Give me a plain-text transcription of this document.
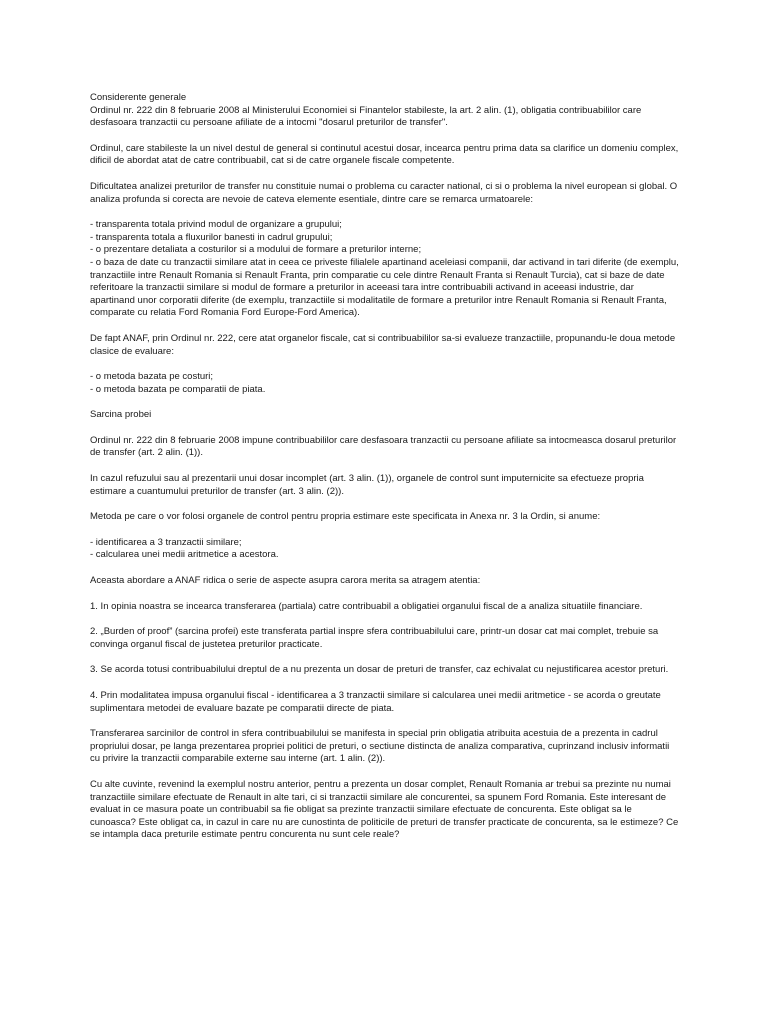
Considerente generale
Ordinul nr. 222 din 8 februarie 2008 al Ministerului Economiei si Finantelor stabileste, la art. 2 alin. (1), obligatia contribuabililor care desfasoara tranzactii cu persoane afiliate de a intocmi "dosarul preturilor de transfer".
Ordinul, care stabileste la un nivel destul de general si continutul acestui dosar, incearca pentru prima data sa clarifice un domeniu complex, dificil de abordat atat de catre contribuabil, cat si de catre organele fiscale competente.
Dificultatea analizei preturilor de transfer nu constituie numai o problema cu caracter national, ci si o problema la nivel european si global. O analiza profunda si corecta are nevoie de cateva elemente esentiale, dintre care se remarca urmatoarele:
- transparenta totala privind modul de organizare a grupului;
- transparenta totala a fluxurilor banesti in cadrul grupului;
- o prezentare detaliata a costurilor si a modului de formare a preturilor interne;
- o baza de date cu tranzactii similare atat in ceea ce priveste filialele apartinand aceleiasi companii, dar activand in tari diferite (de exemplu, tranzactiile intre Renault Romania si Renault Franta, prin comparatie cu cele dintre Renault Franta si Renault Turcia), cat si baze de date referitoare la tranzactii similare si modul de formare a preturilor in aceeasi tara intre contribuabili activand in aceeasi industrie, dar apartinand unor corporatii diferite (de exemplu, tranzactiile si modalitatile de formare a preturilor intre Renault Romania si Renault Franta, comparate cu relatia Ford Romania Ford Europe-Ford America).
De fapt ANAF, prin Ordinul nr. 222, cere atat organelor fiscale, cat si contribuabililor sa-si evalueze tranzactiile, propunandu-le doua metode clasice de evaluare:
- o metoda bazata pe costuri;
- o metoda bazata pe comparatii de piata.
Sarcina probei
Ordinul nr. 222 din 8 februarie 2008 impune contribuabililor care desfasoara tranzactii cu persoane afiliate sa intocmeasca dosarul preturilor de transfer (art. 2 alin. (1)).
In cazul refuzului sau al prezentarii unui dosar incomplet (art. 3 alin. (1)), organele de control sunt imputernicite sa efectueze propria estimare a cuantumului preturilor de transfer (art. 3 alin. (2)).
Metoda pe care o vor folosi organele de control pentru propria estimare este specificata in Anexa nr. 3 la Ordin, si anume:
- identificarea a 3 tranzactii similare;
- calcularea unei medii aritmetice a acestora.
Aceasta abordare a ANAF ridica o serie de aspecte asupra carora merita sa atragem atentia:
1. In opinia noastra se incearca transferarea (partiala) catre contribuabil a obligatiei organului fiscal de a analiza situatiile financiare.
2. „Burden of proof” (sarcina profei) este transferata partial inspre sfera contribuabilului care, printr-un dosar cat mai complet, trebuie sa convinga organul fiscal de justetea preturilor practicate.
3. Se acorda totusi contribuabilului dreptul de a nu prezenta un dosar de preturi de transfer, caz echivalat cu nejustificarea acestor preturi.
4. Prin modalitatea impusa organului fiscal - identificarea a 3 tranzactii similare si calcularea unei medii aritmetice - se acorda o greutate suplimentara metodei de evaluare bazate pe comparatii directe de piata.
Transferarea sarcinilor de control in sfera contribuabilului se manifesta in special prin obligatia atribuita acestuia de a prezenta in cadrul propriului dosar, pe langa prezentarea propriei politici de preturi, o sectiune distincta de analiza comparativa, cuprinzand inclusiv informatii cu privire la tranzactii comparabile externe sau interne (art. 1 alin. (2)).
Cu alte cuvinte, revenind la exemplul nostru anterior, pentru a prezenta un dosar complet, Renault Romania ar trebui sa prezinte nu numai tranzactiile similare efectuate de Renault in alte tari, ci si tranzactii similare ale concurentei, sa spunem Ford Romania. Este interesant de evaluat in ce masura poate un contribuabil sa fie obligat sa prezinte tranzactii similare efectuate de concurenta. Este obligat sa le cunoasca? Este obligat ca, in cazul in care nu are cunostinta de politicile de preturi de transfer practicate de concurenta, sa le estimeze? Ce se intampla daca preturile estimate pentru concurenta nu sunt cele reale?
